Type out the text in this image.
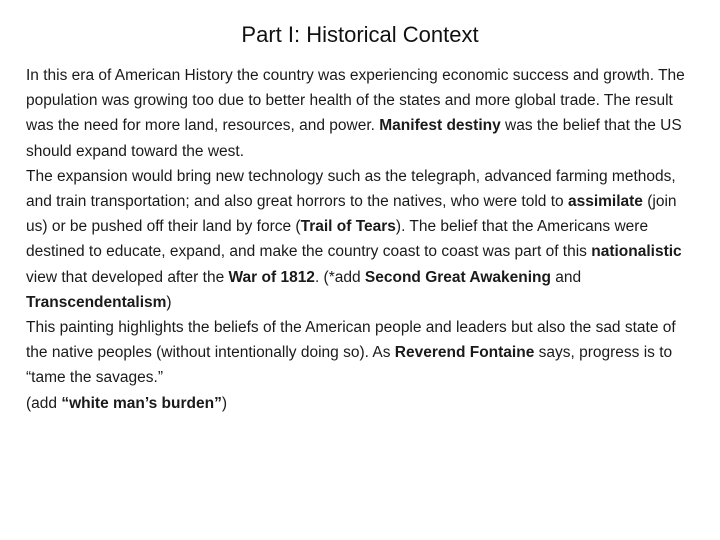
Part I: Historical Context

In this era of American History the country was experiencing economic success and growth. The population was growing too due to better health of the states and more global trade. The result was the need for more land, resources, and power. Manifest destiny was the belief that the US should expand toward the west.

The expansion would bring new technology such as the telegraph, advanced farming methods, and train transportation; and also great horrors to the natives, who were told to assimilate (join us) or be pushed off their land by force (Trail of Tears). The belief that the Americans were destined to educate, expand, and make the country coast to coast was part of this nationalistic view that developed after the War of 1812. (*add Second Great Awakening and Transcendentalism)

This painting highlights the beliefs of the American people and leaders but also the sad state of the native peoples (without intentionally doing so). As Reverend Fontaine says, progress is to “tame the savages.”

(add “white man’s burden”)
